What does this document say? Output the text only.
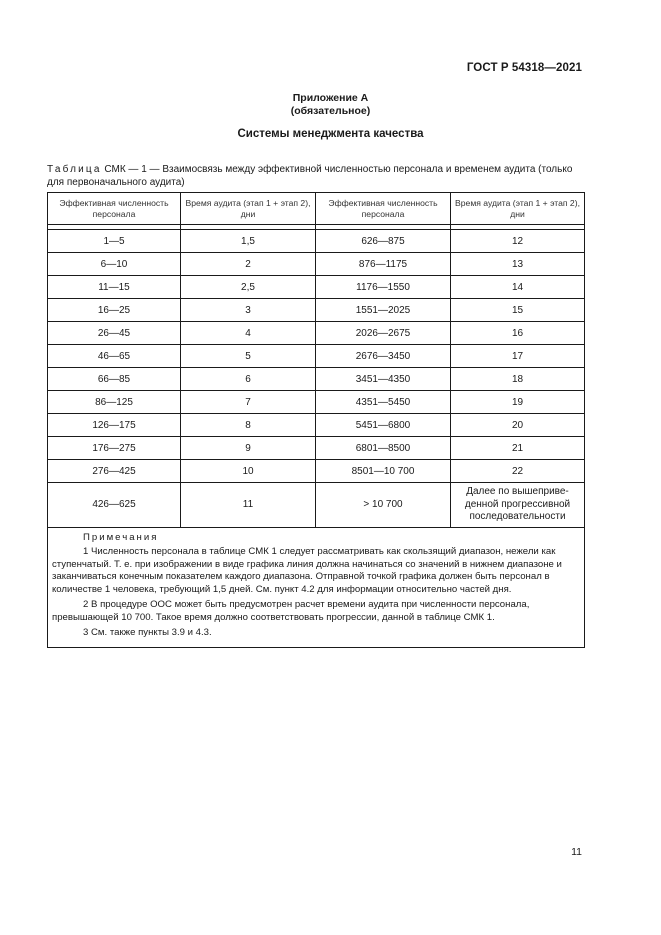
ГОСТ Р 54318—2021
Приложение А
(обязательное)
Системы менеджмента качества
Таблица СМК — 1 — Взаимосвязь между эффективной численностью персонала и временем аудита (только для первоначального аудита)
Эффективная численность персонала	Время аудита (этап 1 + этап 2), дни	Эффективная численность персонала	Время аудита (этап 1 + этап 2), дни

1—5	1,5	626—875	12
6—10	2	876—1175	13
11—15	2,5	1176—1550	14
16—25	3	1551—2025	15
26—45	4	2026—2675	16
46—65	5	2676—3450	17
66—85	6	3451—4350	18
86—125	7	4351—5450	19
126—175	8	5451—6800	20
176—275	9	6801—8500	21
276—425	10	8501—10 700	22
426—625	11	> 10 700	Далее по вышеприве-денной прогрессивной последовательности

Примечания

1 Численность персонала в таблице СМК 1 следует рассматривать как скользящий диапазон, нежели как ступенчатый. Т. е. при изображении в виде графика линия должна начинаться со значений в нижнем диапазоне и заканчиваться конечным показателем каждого диапазона. Отправной точкой графика должен быть персонал в количестве 1 человека, требующий 1,5 дней. См. пункт 4.2 для информации относительно частей дня.

2 В процедуре ООС может быть предусмотрен расчет времени аудита при численности персонала, превышающей 10 700. Такое время должно соответствовать прогрессии, данной в таблице СМК 1.

3 См. также пункты 3.9 и 4.3.			

11
